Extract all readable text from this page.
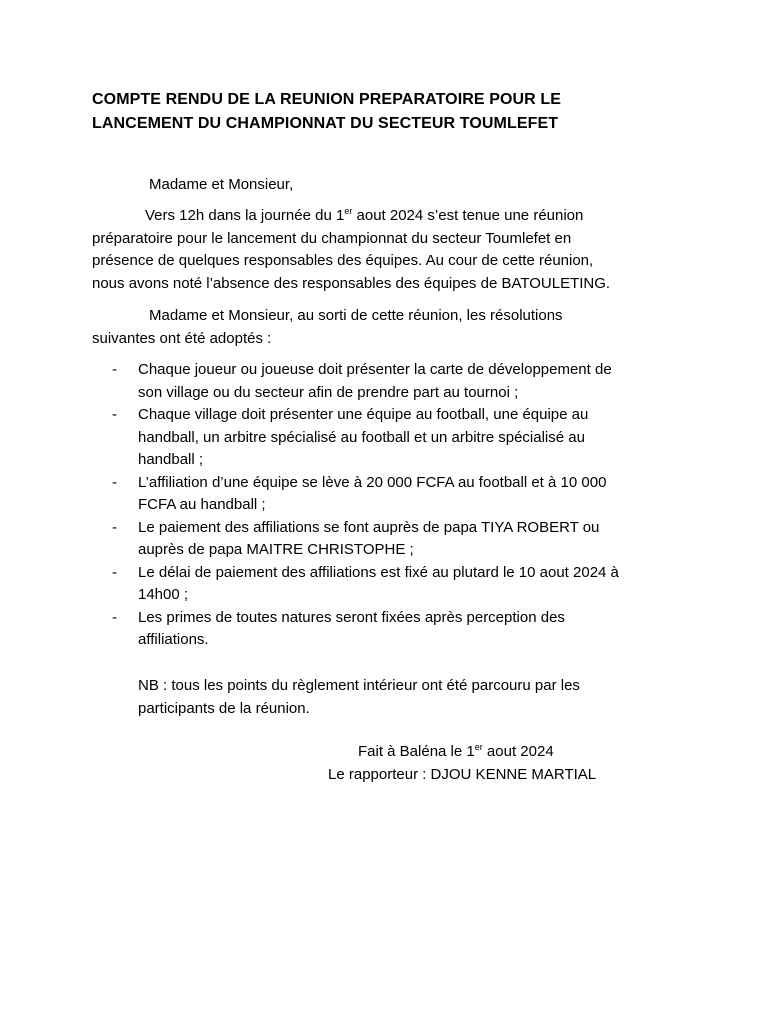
COMPTE RENDU DE LA REUNION PREPARATOIRE POUR LE
LANCEMENT DU CHAMPIONNAT DU SECTEUR TOUMLEFET
Madame et Monsieur,
Vers 12h dans la journée du 1er aout 2024 s’est tenue une réunion
préparatoire pour le lancement du championnat du secteur Toumlefet en
présence de quelques responsables des équipes. Au cour de cette réunion,
nous avons noté l’absence des responsables des équipes de BATOULETING.
Madame et Monsieur, au sorti de cette réunion, les résolutions
suivantes ont été adoptés :
- Chaque joueur ou joueuse doit présenter la carte de développement de
son village ou du secteur afin de prendre part au tournoi ;
- Chaque village doit présenter une équipe au football, une équipe au
handball, un arbitre spécialisé au football et un arbitre spécialisé au
handball ;
- L’affiliation d’une équipe se lève à 20 000 FCFA au football et à 10 000
FCFA au handball ;
- Le paiement des affiliations se font auprès de papa TIYA ROBERT ou
auprès de papa MAITRE CHRISTOPHE ;
- Le délai de paiement des affiliations est fixé au plutard le 10 aout 2024 à
14h00 ;
- Les primes de toutes natures seront fixées après perception des
affiliations.
NB : tous les points du règlement intérieur ont été parcouru par les
participants de la réunion.
Fait à Baléna le 1er aout 2024
Le rapporteur : DJOU KENNE MARTIAL
